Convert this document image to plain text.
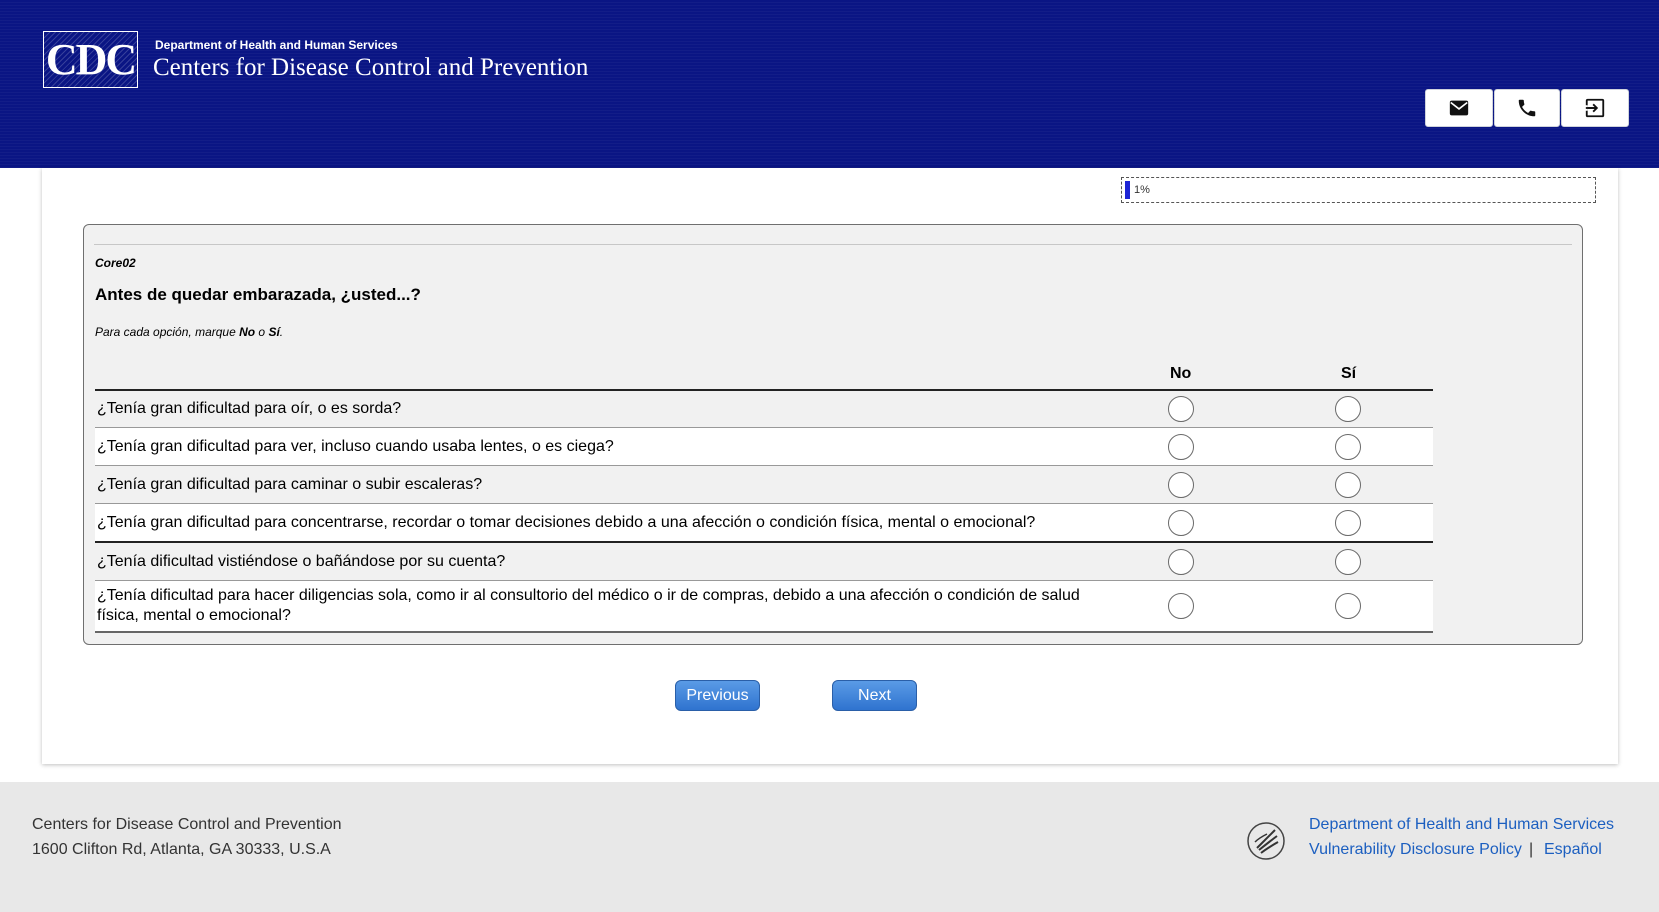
CDC Department of Health and Human Services
Centers for Disease Control and Prevention
1%
Core02
Antes de quedar embarazada, ¿usted...?
Para cada opción, marque No o Sí.
No	Sí
¿Tenía gran dificultad para oír, o es sorda?
¿Tenía gran dificultad para ver, incluso cuando usaba lentes, o es ciega?
¿Tenía gran dificultad para caminar o subir escaleras?
¿Tenía gran dificultad para concentrarse, recordar o tomar decisiones debido a una afección o condición física, mental o emocional?
¿Tenía dificultad vistiéndose o bañándose por su cuenta?
¿Tenía dificultad para hacer diligencias sola, como ir al consultorio del médico o ir de compras, debido a una afección o condición de salud física, mental o emocional?
Previous	Next
Centers for Disease Control and Prevention
1600 Clifton Rd, Atlanta, GA 30333, U.S.A
Department of Health and Human Services
Vulnerability Disclosure Policy | Español
